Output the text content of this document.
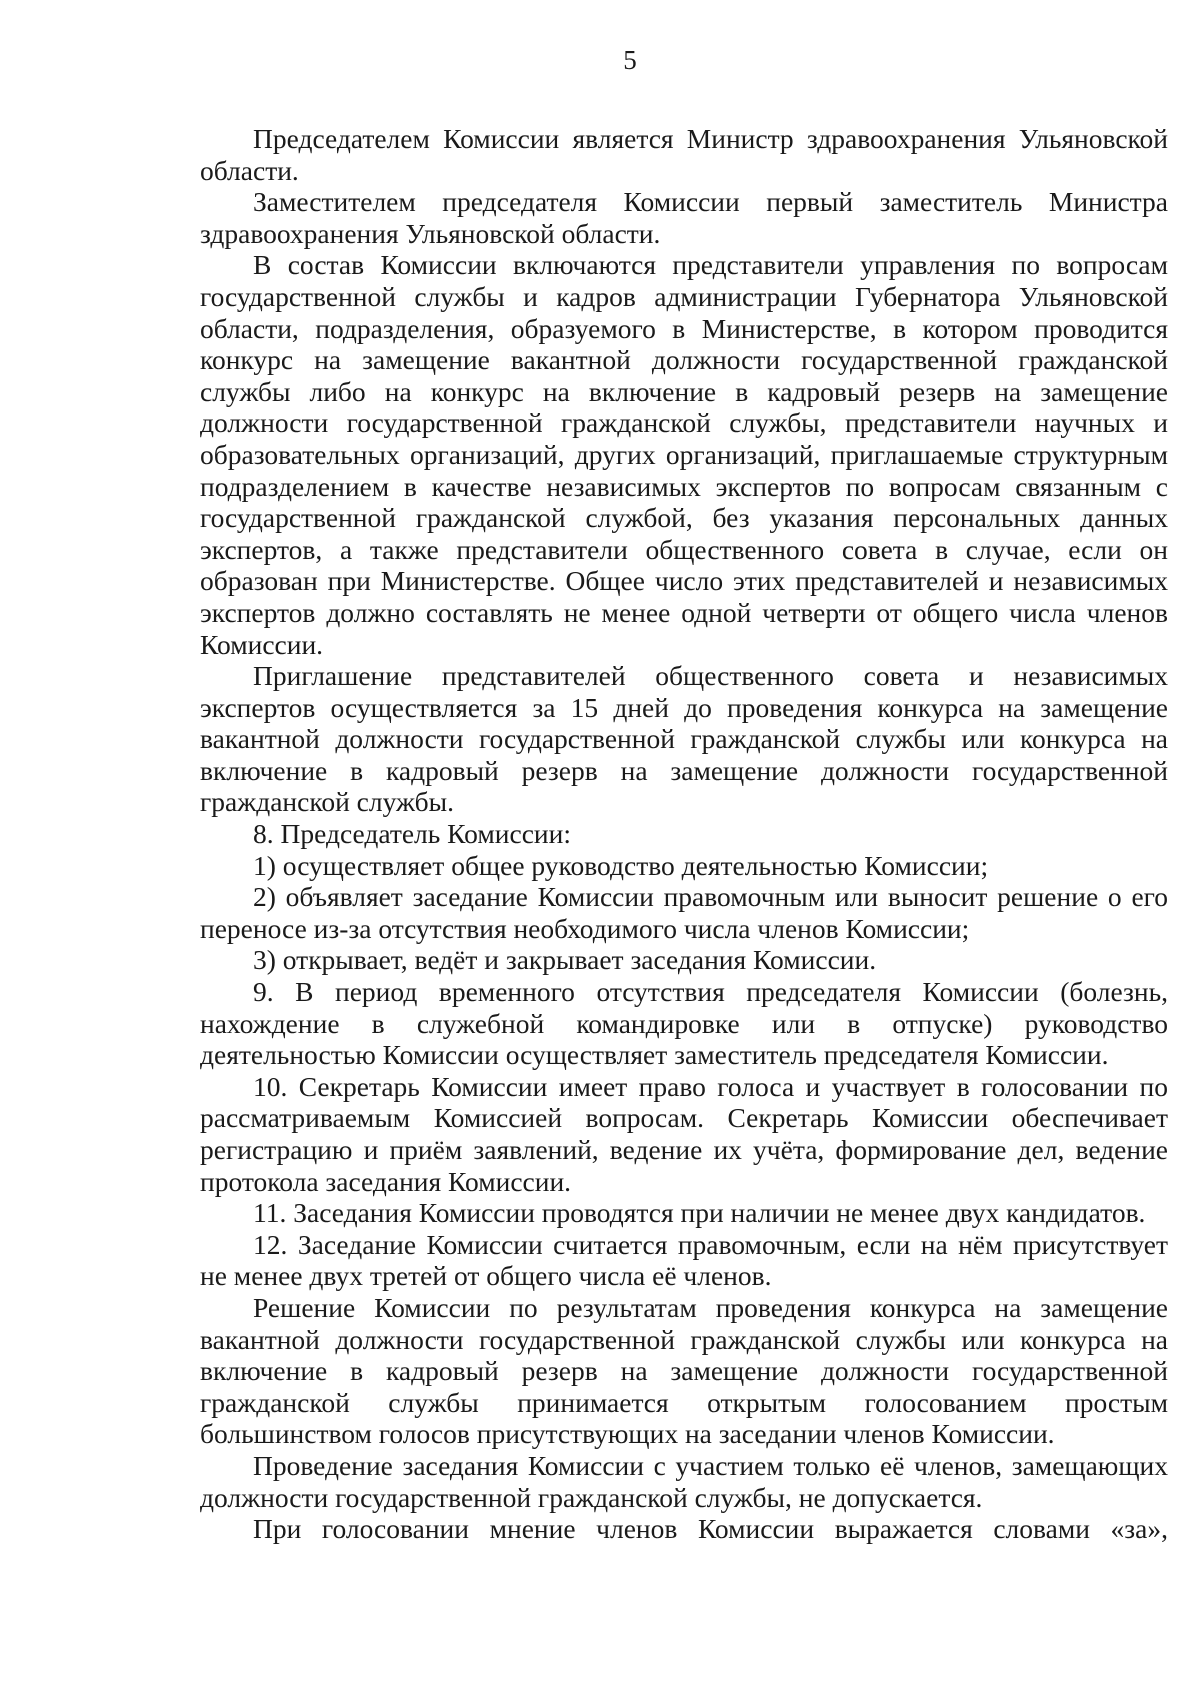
5

Председателем Комиссии является Министр здравоохранения Ульяновской области.

Заместителем председателя Комиссии первый заместитель Министра здравоохранения Ульяновской области.

В состав Комиссии включаются представители управления по вопросам государственной службы и кадров администрации Губернатора Ульяновской области, подразделения, образуемого в Министерстве, в котором проводится конкурс на замещение вакантной должности государственной гражданской службы либо на конкурс на включение в кадровый резерв на замещение должности государственной гражданской службы, представители научных и образовательных организаций, других организаций, приглашаемые структурным подразделением в качестве независимых экспертов по вопросам связанным с государственной гражданской службой, без указания персональных данных экспертов, а также представители общественного совета в случае, если он образован при Министерстве. Общее число этих представителей и независимых экспертов должно составлять не менее одной четверти от общего числа членов Комиссии.

Приглашение представителей общественного совета и независимых экспертов осуществляется за 15 дней до проведения конкурса на замещение вакантной должности государственной гражданской службы или конкурса на включение в кадровый резерв на замещение должности государственной гражданской службы.

8. Председатель Комиссии:

1) осуществляет общее руководство деятельностью Комиссии;

2) объявляет заседание Комиссии правомочным или выносит решение о его переносе из-за отсутствия необходимого числа членов Комиссии;

3) открывает, ведёт и закрывает заседания Комиссии.

9. В период временного отсутствия председателя Комиссии (болезнь, нахождение в служебной командировке или в отпуске) руководство деятельностью Комиссии осуществляет заместитель председателя Комиссии.

10. Секретарь Комиссии имеет право голоса и участвует в голосовании по рассматриваемым Комиссией вопросам. Секретарь Комиссии обеспечивает регистрацию и приём заявлений, ведение их учёта, формирование дел, ведение протокола заседания Комиссии.

11. Заседания Комиссии проводятся при наличии не менее двух кандидатов.

12. Заседание Комиссии считается правомочным, если на нём присутствует не менее двух третей от общего числа её членов.

Решение Комиссии по результатам проведения конкурса на замещение вакантной должности государственной гражданской службы или конкурса на включение в кадровый резерв на замещение должности государственной гражданской службы принимается открытым голосованием простым большинством голосов присутствующих на заседании членов Комиссии.

Проведение заседания Комиссии с участием только её членов, замещающих должности государственной гражданской службы, не допускается.

При голосовании мнение членов Комиссии выражается словами «за»,
